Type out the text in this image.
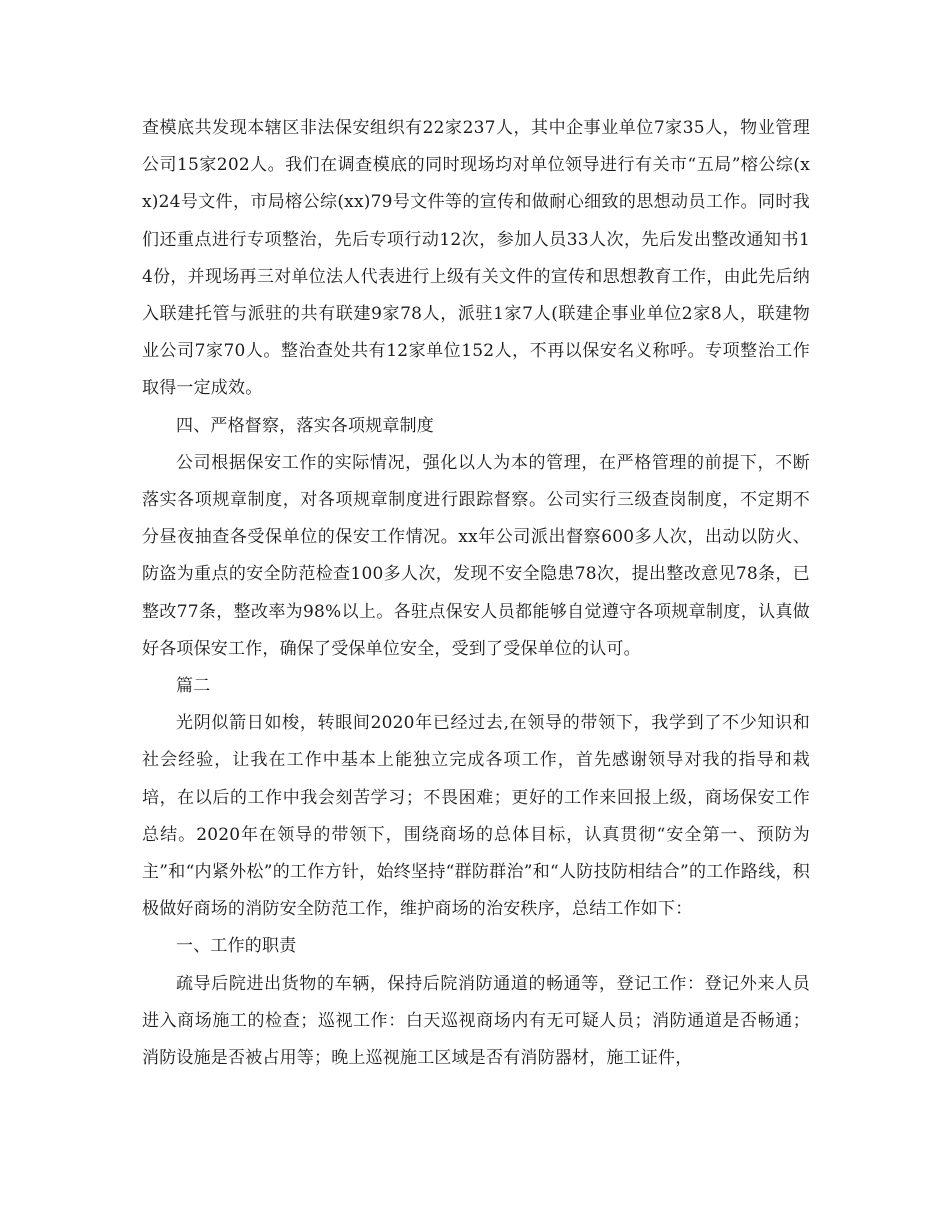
查模底共发现本辖区非法保安组织有22家237人，其中企事业单位7家35人，物业管理公司15家202人。我们在调查模底的同时现场均对单位领导进行有关市“五局”榕公综(xx)24号文件，市局榕公综(xx)79号文件等的宣传和做耐心细致的思想动员工作。同时我们还重点进行专项整治，先后专项行动12次，参加人员33人次，先后发出整改通知书14份，并现场再三对单位法人代表进行上级有关文件的宣传和思想教育工作，由此先后纳入联建托管与派驻的共有联建9家78人，派驻1家7人(联建企事业单位2家8人，联建物业公司7家70人。整治查处共有12家单位152人，不再以保安名义称呼。专项整治工作取得一定成效。

四、严格督察，落实各项规章制度

公司根据保安工作的实际情况，强化以人为本的管理，在严格管理的前提下，不断落实各项规章制度，对各项规章制度进行跟踪督察。公司实行三级查岗制度，不定期不分昼夜抽查各受保单位的保安工作情况。xx年公司派出督察600多人次，出动以防火、防盗为重点的安全防范检查100多人次，发现不安全隐患78次，提出整改意见78条，已整改77条，整改率为98%以上。各驻点保安人员都能够自觉遵守各项规章制度，认真做好各项保安工作，确保了受保单位安全，受到了受保单位的认可。

篇二

光阴似箭日如梭，转眼间2020年已经过去,在领导的带领下，我学到了不少知识和社会经验，让我在工作中基本上能独立完成各项工作，首先感谢领导对我的指导和栽培，在以后的工作中我会刻苦学习；不畏困难；更好的工作来回报上级，商场保安工作总结。2020年在领导的带领下，围绕商场的总体目标，认真贯彻“安全第一、预防为主”和“内紧外松”的工作方针，始终坚持“群防群治”和“人防技防相结合”的工作路线，积极做好商场的消防安全防范工作，维护商场的治安秩序，总结工作如下：

一、工作的职责

疏导后院进出货物的车辆，保持后院消防通道的畅通等，登记工作：登记外来人员进入商场施工的检查；巡视工作：白天巡视商场内有无可疑人员；消防通道是否畅通；消防设施是否被占用等；晚上巡视施工区域是否有消防器材，施工证件，
